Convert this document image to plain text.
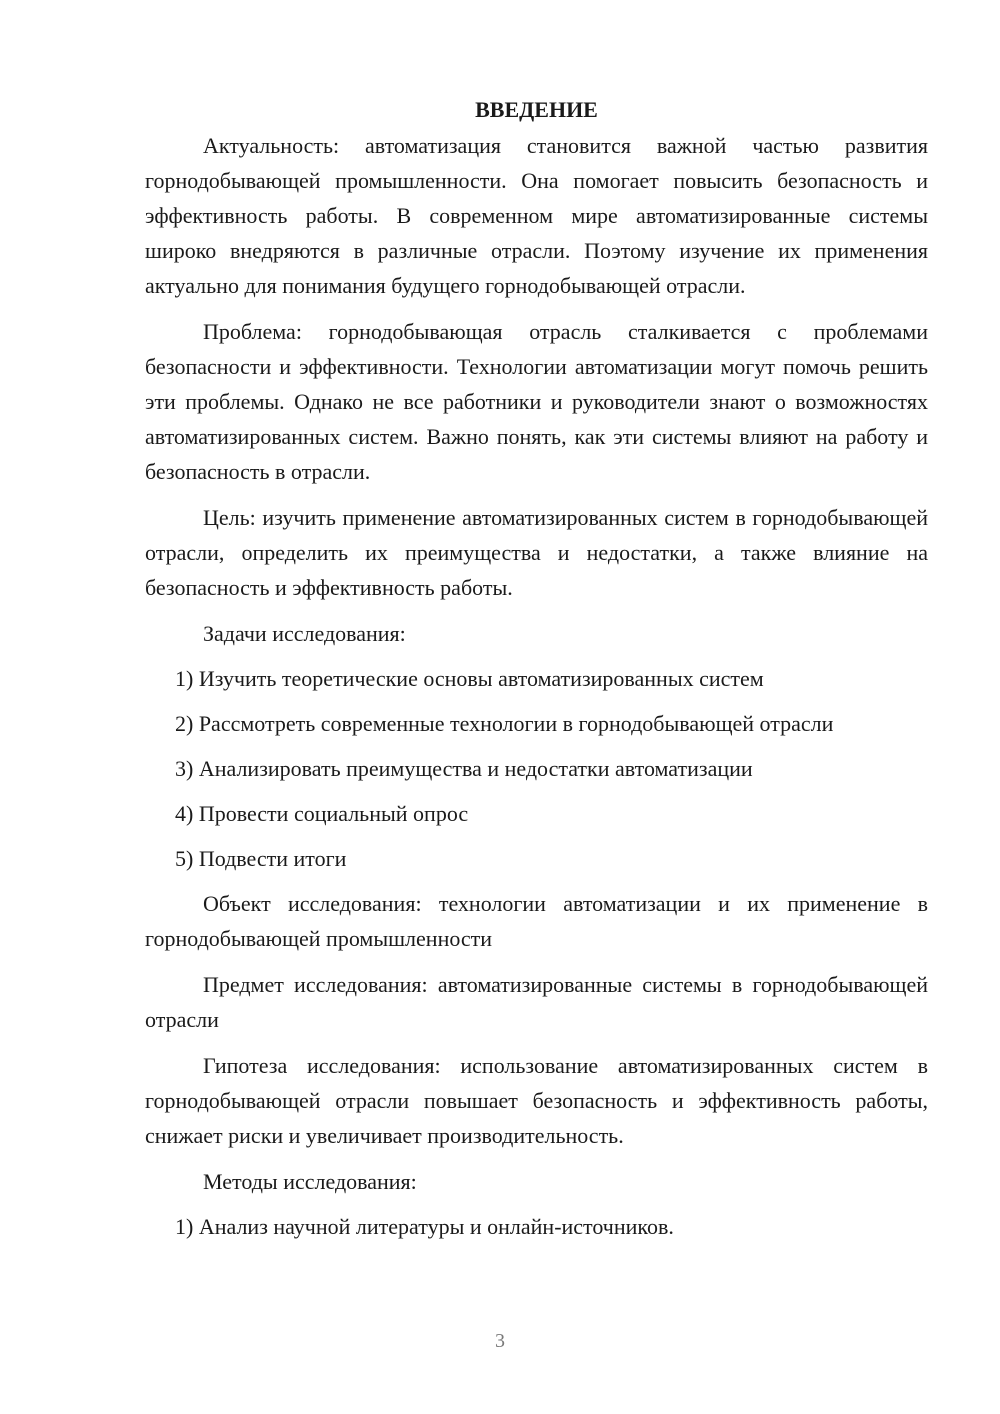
ВВЕДЕНИЕ

Актуальность: автоматизация становится важной частью развития горнодобывающей промышленности. Она помогает повысить безопасность и эффективность работы. В современном мире автоматизированные системы широко внедряются в различные отрасли. Поэтому изучение их применения актуально для понимания будущего горнодобывающей отрасли.

Проблема: горнодобывающая отрасль сталкивается с проблемами безопасности и эффективности. Технологии автоматизации могут помочь решить эти проблемы. Однако не все работники и руководители знают о возможностях автоматизированных систем. Важно понять, как эти системы влияют на работу и безопасность в отрасли.

Цель: изучить применение автоматизированных систем в горнодобывающей отрасли, определить их преимущества и недостатки, а также влияние на безопасность и эффективность работы.

Задачи исследования:
1) Изучить теоретические основы автоматизированных систем
2) Рассмотреть современные технологии в горнодобывающей отрасли
3) Анализировать преимущества и недостатки автоматизации
4) Провести социальный опрос
5) Подвести итоги

Объект исследования: технологии автоматизации и их применение в горнодобывающей промышленности

Предмет исследования: автоматизированные системы в горнодобывающей отрасли

Гипотеза исследования: использование автоматизированных систем в горнодобывающей отрасли повышает безопасность и эффективность работы, снижает риски и увеличивает производительность.

Методы исследования:
1) Анализ научной литературы и онлайн-источников.
3
